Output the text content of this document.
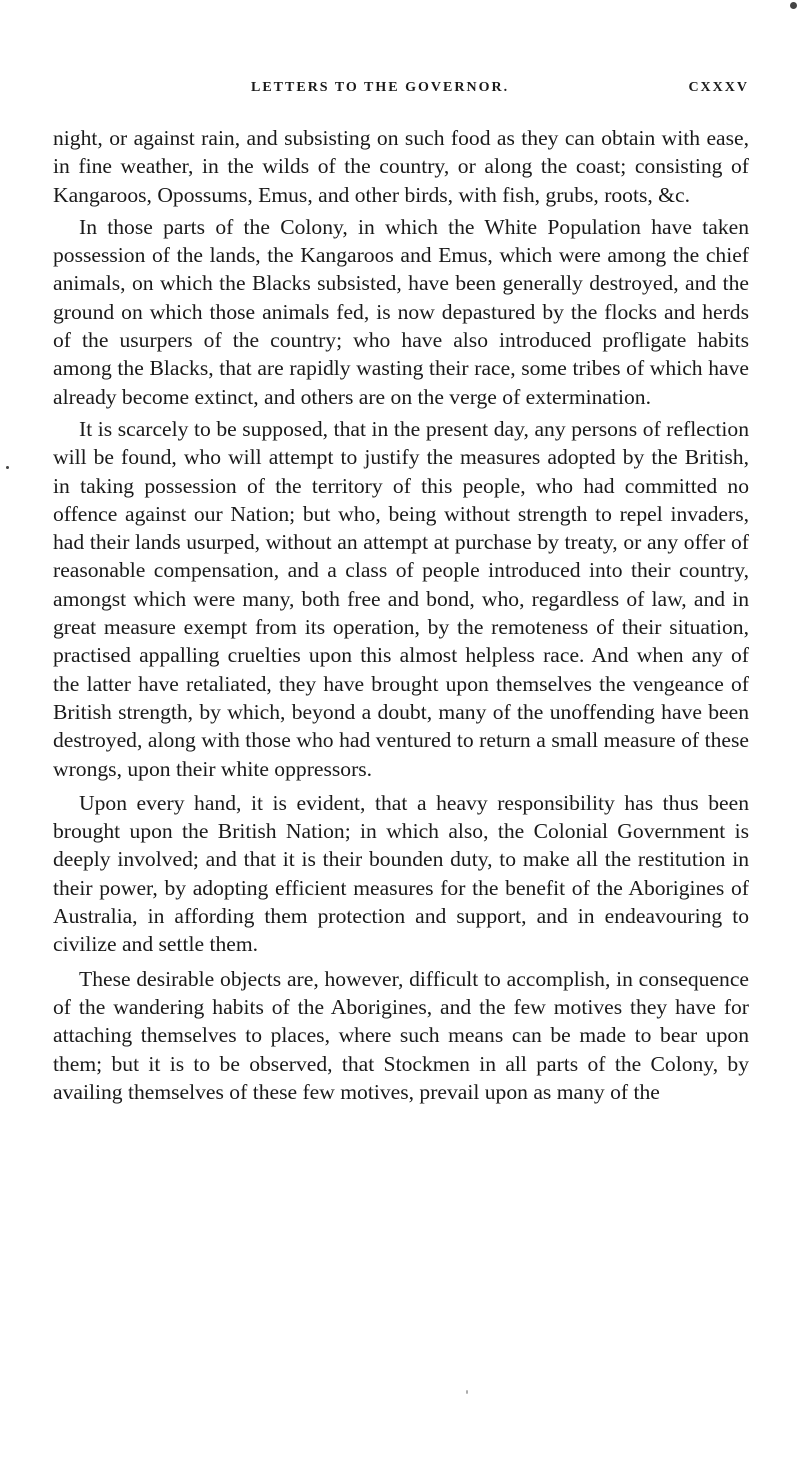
LETTERS TO THE GOVERNOR.	CXXXV

night, or against rain, and subsisting on such food as they can obtain with ease, in fine weather, in the wilds of the country, or along the coast; consisting of Kangaroos, Opossums, Emus, and other birds, with fish, grubs, roots, &c.

In those parts of the Colony, in which the White Population have taken possession of the lands, the Kangaroos and Emus, which were among the chief animals, on which the Blacks subsisted, have been generally destroyed, and the ground on which those animals fed, is now depastured by the flocks and herds of the usurpers of the country; who have also introduced profligate habits among the Blacks, that are rapidly wasting their race, some tribes of which have already become extinct, and others are on the verge of extermination.

It is scarcely to be supposed, that in the present day, any persons of reflection will be found, who will attempt to justify the measures adopted by the British, in taking possession of the territory of this people, who had committed no offence against our Nation; but who, being without strength to repel invaders, had their lands usurped, without an attempt at purchase by treaty, or any offer of reasonable compensation, and a class of people introduced into their country, amongst which were many, both free and bond, who, regardless of law, and in great measure exempt from its operation, by the remoteness of their situation, practised appalling cruelties upon this almost helpless race. And when any of the latter have retaliated, they have brought upon themselves the vengeance of British strength, by which, beyond a doubt, many of the unoffending have been destroyed, along with those who had ventured to return a small measure of these wrongs, upon their white oppressors.

Upon every hand, it is evident, that a heavy responsibility has thus been brought upon the British Nation; in which also, the Colonial Government is deeply involved; and that it is their bounden duty, to make all the restitution in their power, by adopting efficient measures for the benefit of the Aborigines of Australia, in affording them protection and support, and in endeavouring to civilize and settle them.

These desirable objects are, however, difficult to accomplish, in consequence of the wandering habits of the Aborigines, and the few motives they have for attaching themselves to places, where such means can be made to bear upon them; but it is to be observed, that Stockmen in all parts of the Colony, by availing themselves of these few motives, prevail upon as many of the
